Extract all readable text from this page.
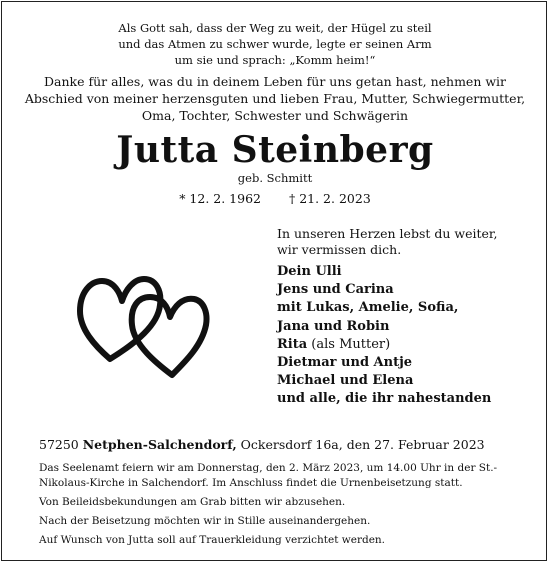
Als Gott sah, dass der Weg zu weit, der Hügel zu steil
und das Atmen zu schwer wurde, legte er seinen Arm
um sie und sprach: „Komm heim!“
Danke für alles, was du in deinem Leben für uns getan hast, nehmen wir
Abschied von meiner herzensguten und lieben Frau, Mutter, Schwiegermutter,
Oma, Tochter, Schwester und Schwägerin
Jutta Steinberg
geb. Schmitt
* 12. 2. 1962 † 21. 2. 2023
In unseren Herzen lebst du weiter,
wir vermissen dich.
Dein Ulli
Jens und Carina
mit Lukas, Amelie, Sofia,
Jana und Robin
Rita (als Mutter)
Dietmar und Antje
Michael und Elena
und alle, die ihr nahestanden
57250 Netphen-Salchendorf, Ockersdorf 16a, den 27. Februar 2023

Das Seelenamt feiern wir am Donnerstag, den 2. März 2023, um 14.00 Uhr in der St.-Nikolaus-Kirche in Salchendorf. Im Anschluss findet die Urnenbeisetzung statt.

Von Beileidsbekundungen am Grab bitten wir abzusehen.

Nach der Beisetzung möchten wir in Stille auseinandergehen.

Auf Wunsch von Jutta soll auf Trauerkleidung verzichtet werden.
